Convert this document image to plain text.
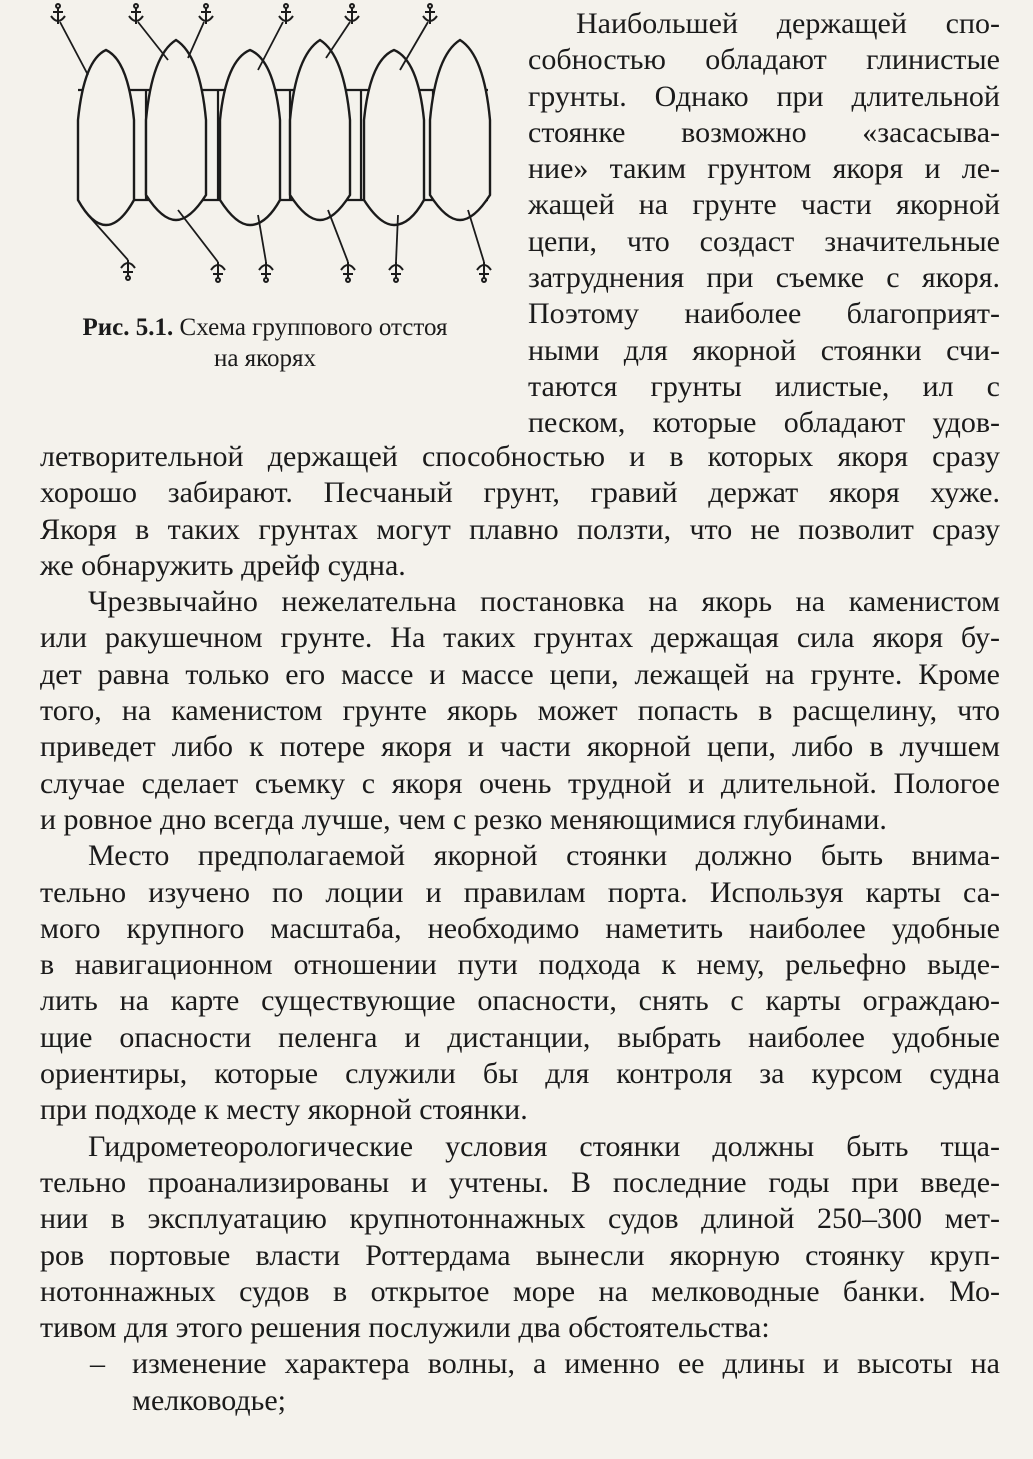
Рис. 5.1. Схема группового отстоя
на якорях
Наибольшей держащей спо-
собностью обладают глинистые
грунты. Однако при длительной
стоянке возможно «засасыва-
ние» таким грунтом якоря и ле-
жащей на грунте части якорной
цепи, что создаст значительные
затруднения при съемке с якоря.
Поэтому наиболее благоприят-
ными для якорной стоянки счи-
таются грунты илистые, ил с
песком, которые обладают удов-
летворительной держащей способностью и в которых якоря сразу
хорошо забирают. Песчаный грунт, гравий держат якоря хуже.
Якоря в таких грунтах могут плавно ползти, что не позволит сразу
же обнаружить дрейф судна.
Чрезвычайно нежелательна постановка на якорь на каменистом
или ракушечном грунте. На таких грунтах держащая сила якоря бу-
дет равна только его массе и массе цепи, лежащей на грунте. Кроме
того, на каменистом грунте якорь может попасть в расщелину, что
приведет либо к потере якоря и части якорной цепи, либо в лучшем
случае сделает съемку с якоря очень трудной и длительной. Пологое
и ровное дно всегда лучше, чем с резко меняющимися глубинами.
Место предполагаемой якорной стоянки должно быть внима-
тельно изучено по лоции и правилам порта. Используя карты са-
мого крупного масштаба, необходимо наметить наиболее удобные
в навигационном отношении пути подхода к нему, рельефно выде-
лить на карте существующие опасности, снять с карты ограждаю-
щие опасности пеленга и дистанции, выбрать наиболее удобные
ориентиры, которые служили бы для контроля за курсом судна
при подходе к месту якорной стоянки.
Гидрометеорологические условия стоянки должны быть тща-
тельно проанализированы и учтены. В последние годы при введе-
нии в эксплуатацию крупнотоннажных судов длиной 250–300 мет-
ров портовые власти Роттердама вынесли якорную стоянку круп-
нотоннажных судов в открытое море на мелководные банки. Мо-
тивом для этого решения послужили два обстоятельства:
– изменение характера волны, а именно ее длины и высоты на
мелководье;
